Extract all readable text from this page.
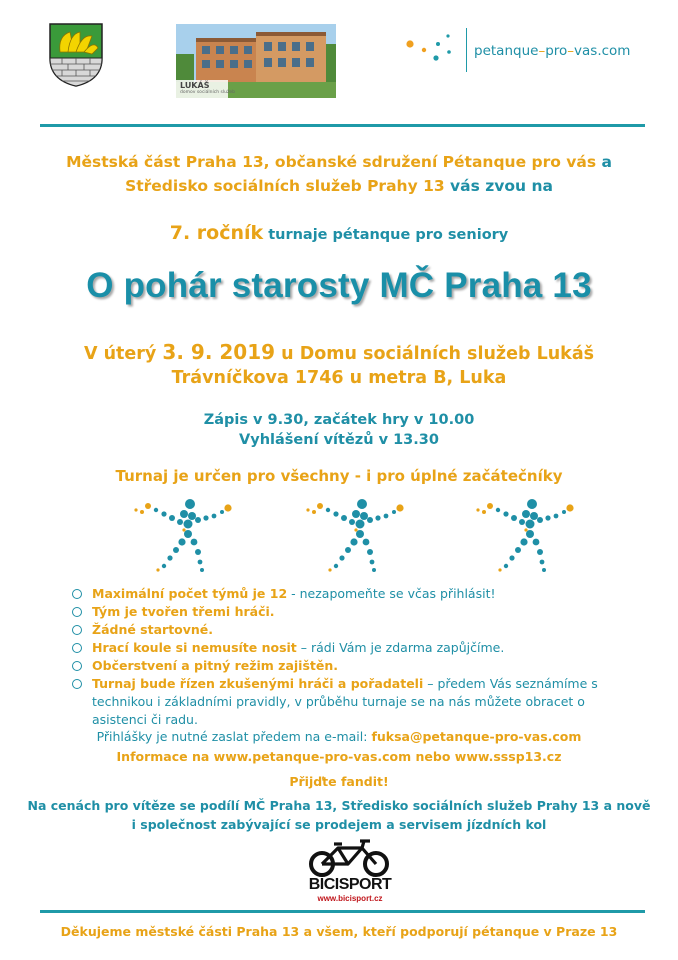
LUKÁŠ
domov sociálních služeb
petanque–pro–vas.com
Městská část Praha 13, občanské sdružení Pétanque pro vás a
Středisko sociálních služeb Prahy 13 vás zvou na
7. ročník turnaje pétanque pro seniory
O pohár starosty MČ Praha 13
V úterý 3. 9. 2019 u Domu sociálních služeb Lukáš
Trávníčkova 1746 u metra B, Luka
Zápis v 9.30, začátek hry v 10.00
Vyhlášení vítězů v 13.30
Turnaj je určen pro všechny - i pro úplné začátečníky
Maximální počet týmů je 12 - nezapomeňte se včas přihlásit!
Tým je tvořen třemi hráči.
Žádné startovné.
Hrací koule si nemusíte nosit – rádi Vám je zdarma zapůjčíme.
Občerstvení a pitný režim zajištěn.
Turnaj bude řízen zkušenými hráči a pořadateli – předem Vás seznámíme s technikou i základními pravidly, v průběhu turnaje se na nás můžete obracet o asistenci či radu.
Přihlášky je nutné zaslat předem na e-mail: fuksa@petanque-pro-vas.com
Informace na www.petanque-pro-vas.com nebo www.sssp13.cz
Přijďte fandit!
Na cenách pro vítěze se podílí MČ Praha 13, Středisko sociálních služeb Prahy 13 a nově
i společnost zabývající se prodejem a servisem jízdních kol
BICISPORT
www.bicisport.cz
Děkujeme městské části Praha 13 a všem, kteří podporují pétanque v Praze 13
